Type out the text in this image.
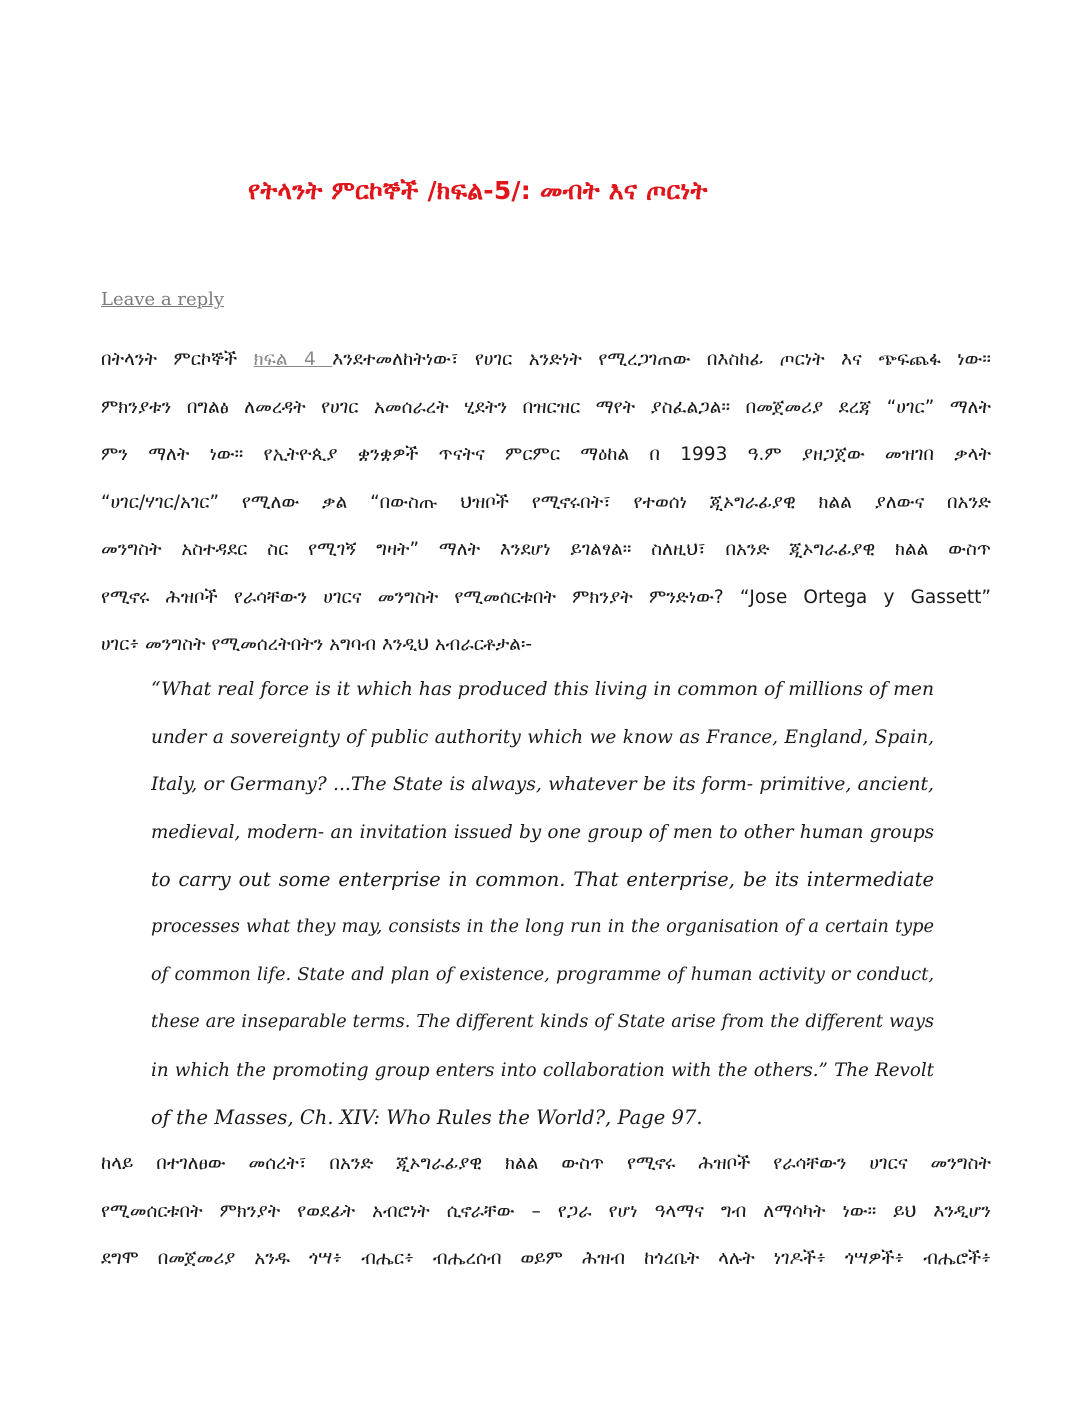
የትላንት ምርኮኞች /ክፍል-5/: መብት እና ጦርነት
Leave a reply
በትላንት ምርኮኞች ክፍል 4 እንደተመለከትነው፣ የሀገር አንድነት የሚረጋገጠው በእስከፊ ጦርነት እና ጭፍጨፋ ነው።
ምክንያቱን በግልፅ ለመረዳት የሀገር አመሰራረት ሂደትን በዝርዝር ማየት ያስፈልጋል። በመጀመሪያ ደረጃ “ሀገር” ማለት
ምን ማለት ነው። የኢትዮጲያ ቋንቋዎች ጥናትና ምርምር ማዕከል በ 1993 ዓ.ም ያዘጋጀው መዝገበ ቃላት
“ሀገር/ሃገር/አገር” የሚለው ቃል “በውስጡ ህዝቦች የሚኖሩበት፣ የተወሰነ ጂኦግራፊያዊ ክልል ያለውና በአንድ
መንግስት አስተዳደር ስር የሚገኝ ግዛት” ማለት እንደሆነ ይገልፃል። ስለዚህ፣ በአንድ ጂኦግራፊያዊ ክልል ውስጥ
የሚኖሩ ሕዝቦች የራሳቸውን ሀገርና መንግስት የሚመሰርቱበት ምክንያት ምንድነው? “Jose Ortega y Gassett”
ሀገር፥ መንግስት የሚመሰረትበትን አግባብ እንዲህ አብራርቶታል፡-
“What real force is it which has produced this living in common of millions of men
under a sovereignty of public authority which we know as France, England, Spain,
Italy, or Germany? ...The State is always, whatever be its form- primitive, ancient,
medieval, modern- an invitation issued by one group of men to other human groups
to carry out some enterprise in common. That enterprise, be its intermediate
processes what they may, consists in the long run in the organisation of a certain type
of common life. State and plan of existence, programme of human activity or conduct,
these are inseparable terms. The different kinds of State arise from the different ways
in which the promoting group enters into collaboration with the others.” The Revolt
of the Masses, Ch. XIV: Who Rules the World?, Page 97.
ከላይ በተገለፀው መሰረት፣ በአንድ ጂኦግራፊያዊ ክልል ውስጥ የሚኖሩ ሕዝቦች የራሳቸውን ሀገርና መንግስት
የሚመሰርቱበት ምክንያት የወደፊት አብሮነት ሲኖራቸው – የጋራ የሆነ ዓላማና ግብ ለማሳካት ነው። ይህ እንዲሆን
ደግሞ በመጀመሪያ አንዱ ጎሣ፥ ብሔር፥ ብሔረሰብ ወይም ሕዝብ ከጎረቤት ላሉት ነገዶች፥ ጎሣዎች፥ ብሔሮች፥
